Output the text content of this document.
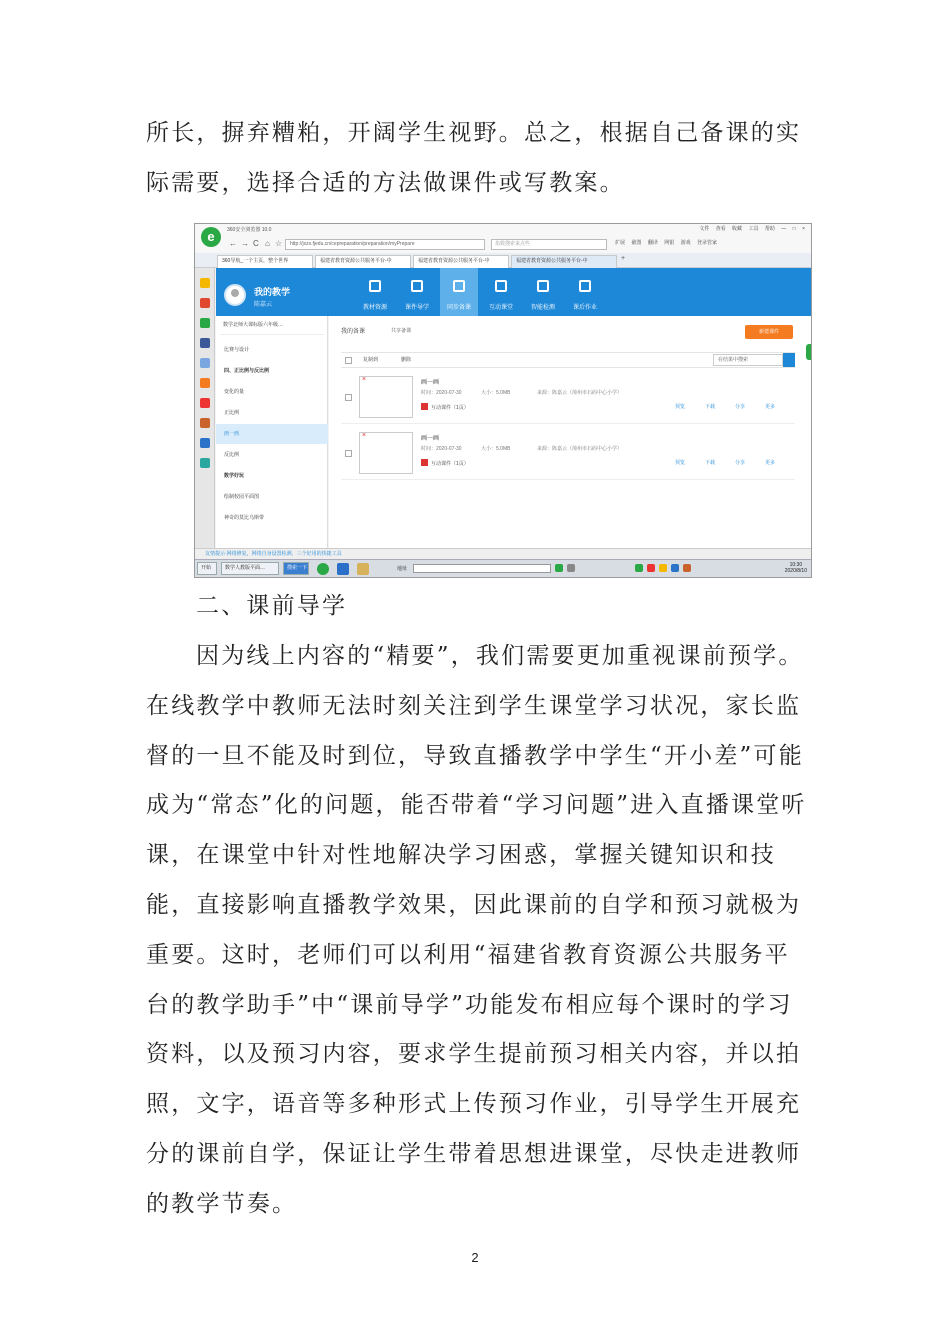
所长，摒弃糟粕，开阔学生视野。总之，根据自己备课的实际需要，选择合适的方法做课件或写教案。

360安全浏览器 10.0	文件 查看 收藏 工具 帮助 — □ ×
← → C ⌂ ☆	http://jxzs.fjedu.cn/cepreparation/preparation/myPrepare	指数搜索来点些	扩展 截图 翻译 网银 游戏 登录管家
e
360导航_一个主页，整个世界	福建省教育资源公共服务平台-中	福建省教育资源公共服务平台-中	福建省教育资源公共服务平台-中	+
我的教学
陈嘉云	教材资源	课件导学	同步备课	互动课堂	智能检测	课后作业
数学北师大课标版六年级…
比赛与设计
四、正比例与反比例
变化的量
正比例
画一画
反比例
数学好玩
绘制校园平面图
神奇的莫比乌斯带
我的备课	共享备课	新建课件
复制到	删除	在结果中搜索
×
画一画
时间：2020-07-30	大小：5.0MB	来源：陈嘉云（漳州市石码中心小学）
互动课件（1页）	预览	下载	分享	更多
×
画一画
时间：2020-07-30	大小：5.0MB	来源：陈嘉云（漳州市石码中心小学）
互动课件（1页）	预览	下载	分享	更多
友情提示·网络修复，网络自身设置检测，三个好用的快捷工具
开始	数学人教版平面…	搜索一下	地址
10:30
2020/8/10

二、课前导学

因为线上内容的“精要”，我们需要更加重视课前预学。在线教学中教师无法时刻关注到学生课堂学习状况，家长监督的一旦不能及时到位，导致直播教学中学生“开小差”可能成为“常态”化的问题，能否带着“学习问题”进入直播课堂听课，在课堂中针对性地解决学习困惑，掌握关键知识和技能，直接影响直播教学效果，因此课前的自学和预习就极为重要。这时，老师们可以利用“福建省教育资源公共服务平台的教学助手”中“课前导学”功能发布相应每个课时的学习资料，以及预习内容，要求学生提前预习相关内容，并以拍照，文字，语音等多种形式上传预习作业，引导学生开展充分的课前自学，保证让学生带着思想进课堂，尽快走进教师的教学节奏。

2
